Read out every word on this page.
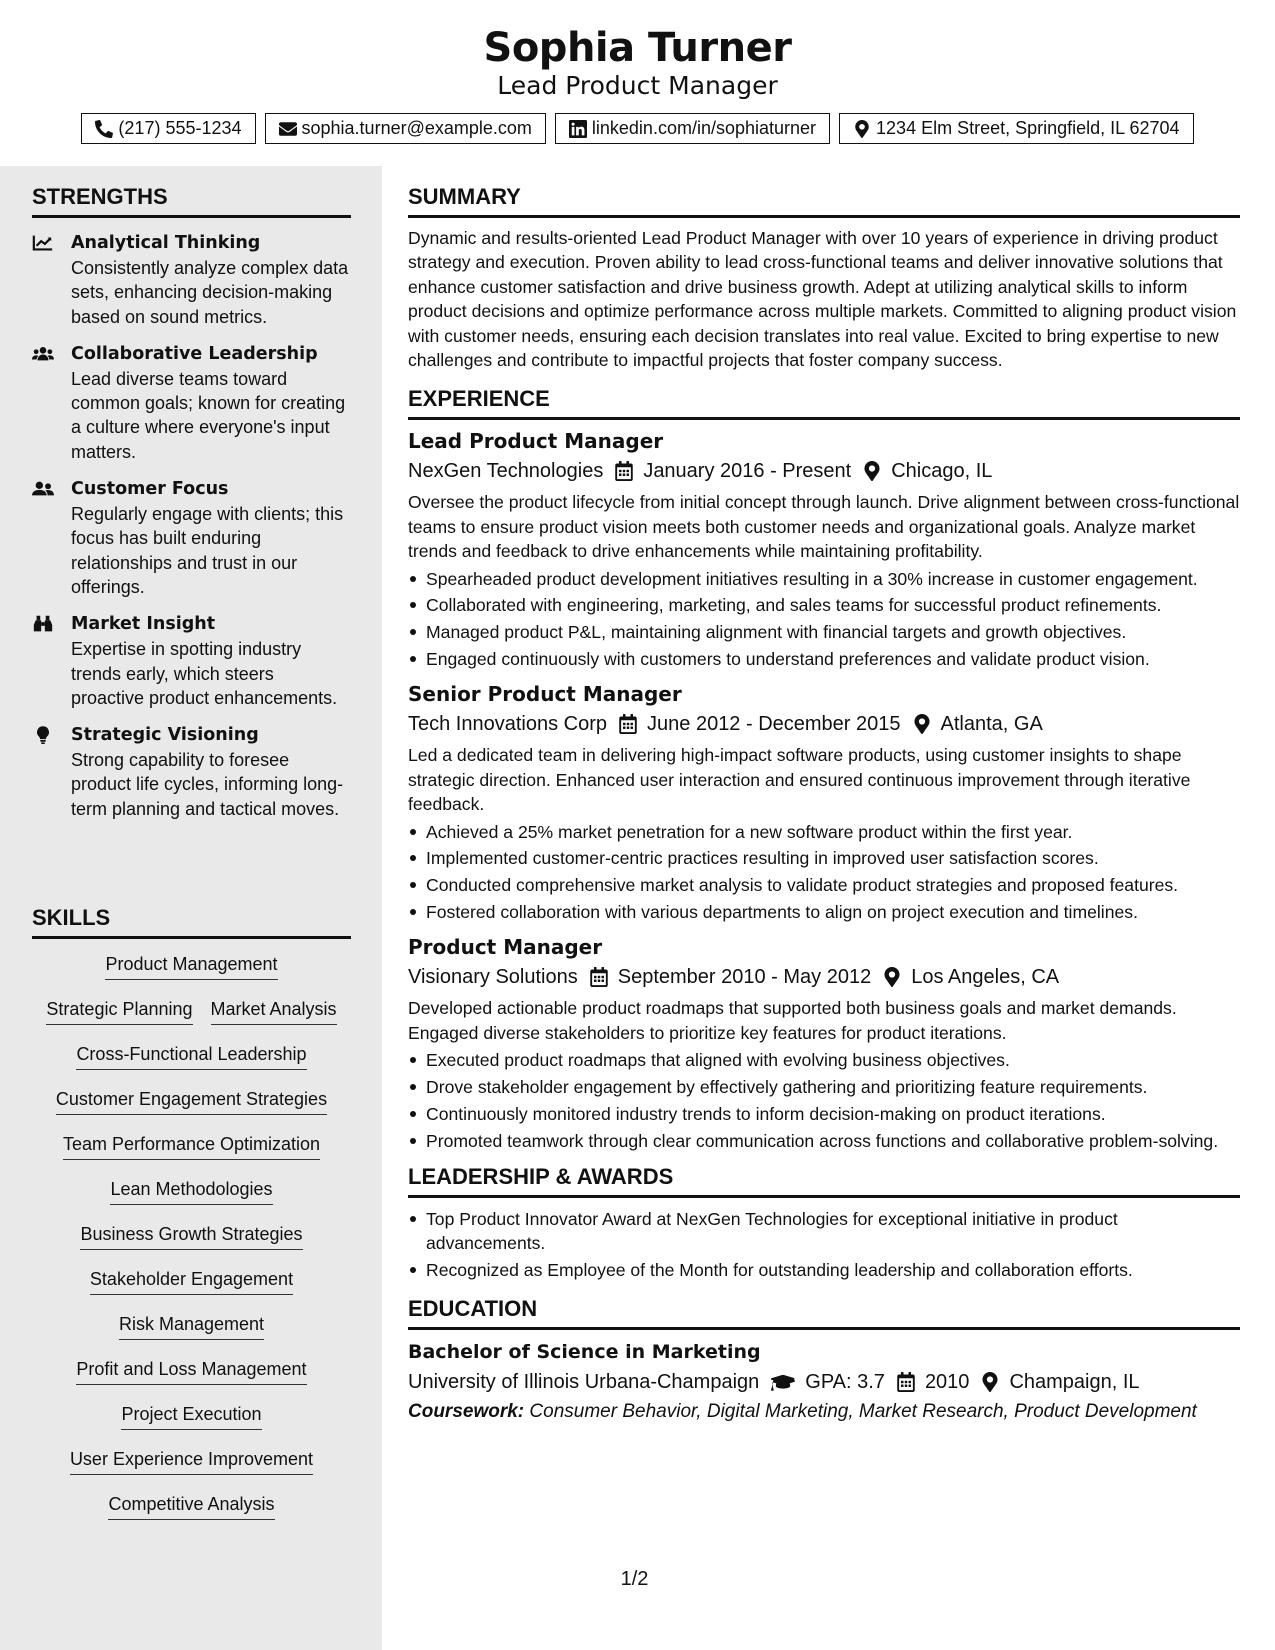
Sophia Turner
Lead Product Manager
(217) 555-1234	sophia.turner@example.com	linkedin.com/in/sophiaturner	1234 Elm Street, Springfield, IL 62704
STRENGTHS
Analytical Thinking
Consistently analyze complex data sets, enhancing decision-making based on sound metrics.
Collaborative Leadership
Lead diverse teams toward common goals; known for creating a culture where everyone's input matters.
Customer Focus
Regularly engage with clients; this focus has built enduring relationships and trust in our offerings.
Market Insight
Expertise in spotting industry trends early, which steers proactive product enhancements.
Strategic Visioning
Strong capability to foresee product life cycles, informing long-term planning and tactical moves.
SKILLS
Product Management
Strategic Planning Market Analysis
Cross-Functional Leadership
Customer Engagement Strategies
Team Performance Optimization
Lean Methodologies
Business Growth Strategies
Stakeholder Engagement
Risk Management
Profit and Loss Management
Project Execution
User Experience Improvement
Competitive Analysis
SUMMARY
Dynamic and results-oriented Lead Product Manager with over 10 years of experience in driving product strategy and execution. Proven ability to lead cross-functional teams and deliver innovative solutions that enhance customer satisfaction and drive business growth. Adept at utilizing analytical skills to inform product decisions and optimize performance across multiple markets. Committed to aligning product vision with customer needs, ensuring each decision translates into real value. Excited to bring expertise to new challenges and contribute to impactful projects that foster company success.
EXPERIENCE
Lead Product Manager
NexGen Technologies January 2016 - Present Chicago, IL
Oversee the product lifecycle from initial concept through launch. Drive alignment between cross-functional teams to ensure product vision meets both customer needs and organizational goals. Analyze market trends and feedback to drive enhancements while maintaining profitability.
Spearheaded product development initiatives resulting in a 30% increase in customer engagement.
Collaborated with engineering, marketing, and sales teams for successful product refinements.
Managed product P&L, maintaining alignment with financial targets and growth objectives.
Engaged continuously with customers to understand preferences and validate product vision.
Senior Product Manager
Tech Innovations Corp June 2012 - December 2015 Atlanta, GA
Led a dedicated team in delivering high-impact software products, using customer insights to shape strategic direction. Enhanced user interaction and ensured continuous improvement through iterative feedback.
Achieved a 25% market penetration for a new software product within the first year.
Implemented customer-centric practices resulting in improved user satisfaction scores.
Conducted comprehensive market analysis to validate product strategies and proposed features.
Fostered collaboration with various departments to align on project execution and timelines.
Product Manager
Visionary Solutions September 2010 - May 2012 Los Angeles, CA
Developed actionable product roadmaps that supported both business goals and market demands. Engaged diverse stakeholders to prioritize key features for product iterations.
Executed product roadmaps that aligned with evolving business objectives.
Drove stakeholder engagement by effectively gathering and prioritizing feature requirements.
Continuously monitored industry trends to inform decision-making on product iterations.
Promoted teamwork through clear communication across functions and collaborative problem-solving.
LEADERSHIP & AWARDS
Top Product Innovator Award at NexGen Technologies for exceptional initiative in product advancements.
Recognized as Employee of the Month for outstanding leadership and collaboration efforts.
EDUCATION
Bachelor of Science in Marketing
University of Illinois Urbana-Champaign GPA: 3.7 2010 Champaign, IL
Coursework: Consumer Behavior, Digital Marketing, Market Research, Product Development
1/2
